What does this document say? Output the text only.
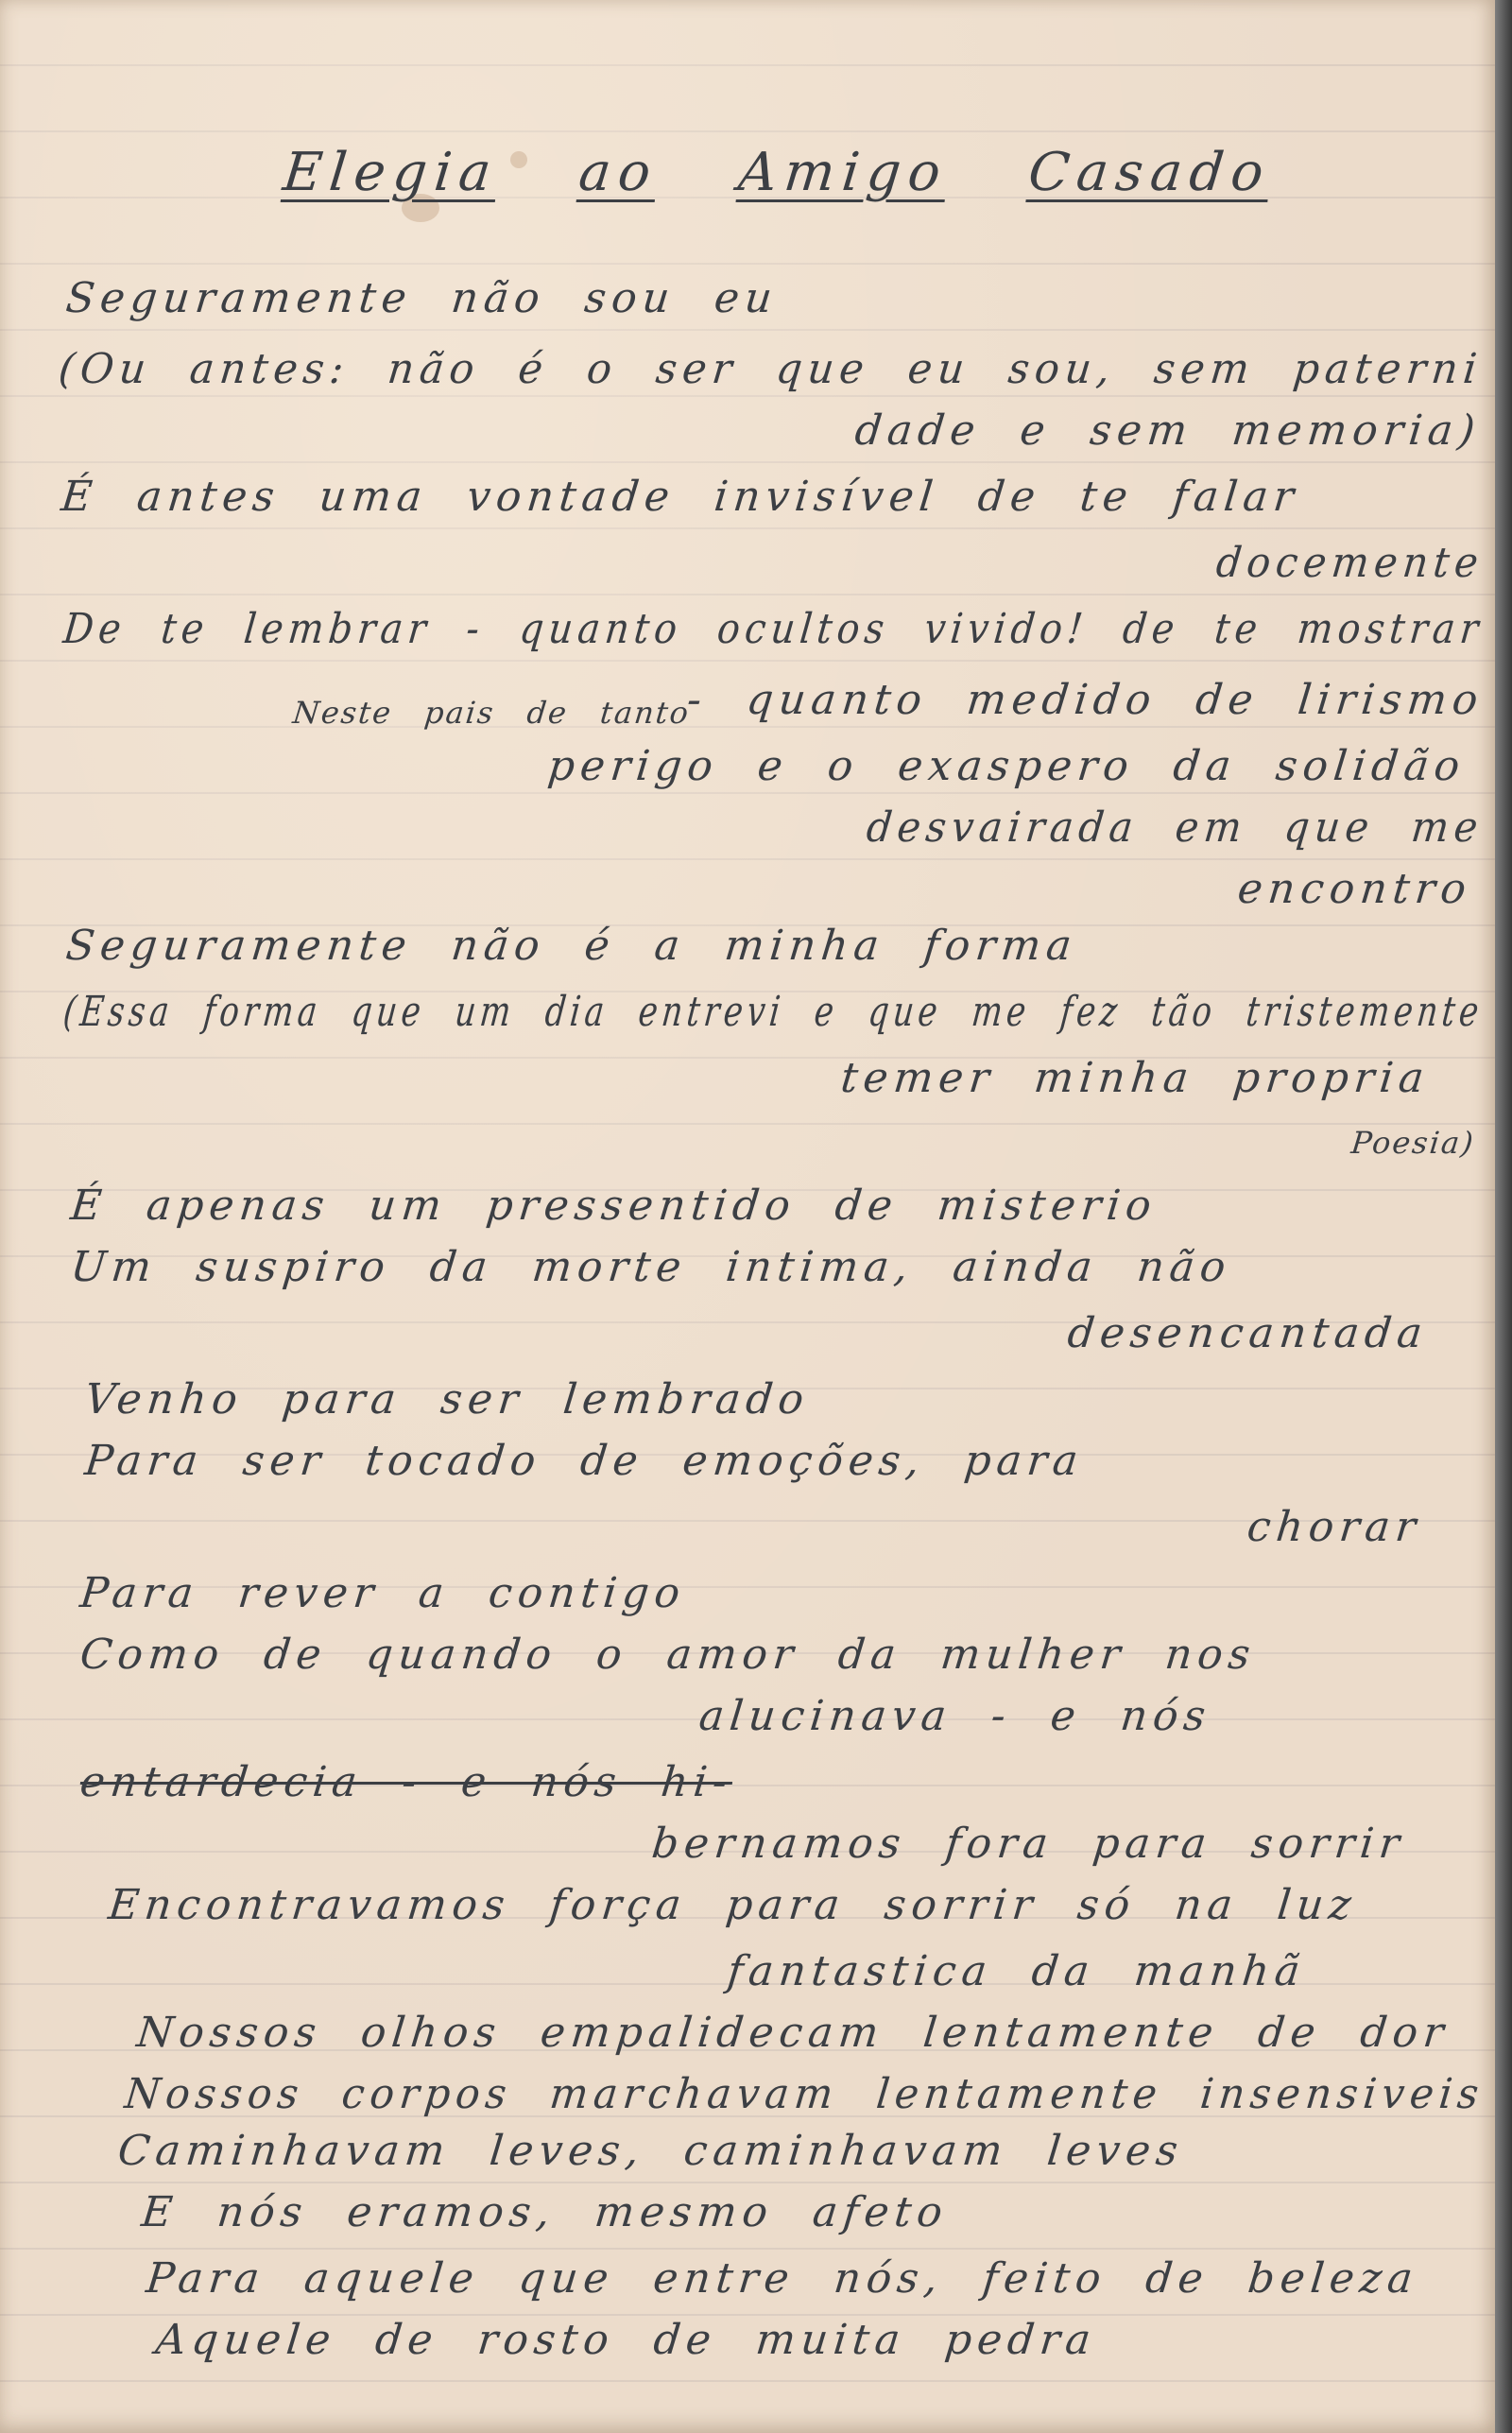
Elegia ao Amigo Casado

Seguramente não sou eu

(Ou antes: não é o ser que eu sou, sem paterni

dade e sem memoria)

É antes uma vontade invisível de te falar

docemente

De te lembrar - quanto ocultos vivido! de te mostrar

- quanto medido de lirismo

Neste pais de tanto

perigo e o exaspero da solidão

desvairada em que me

encontro

Seguramente não é a minha forma

(Essa forma que um dia entrevi e que me fez tão tristemente

temer minha propria

Poesia)

É apenas um pressentido de misterio

Um suspiro da morte intima, ainda não

desencantada

Venho para ser lembrado

Para ser tocado de emoções, para

chorar

Para rever a contigo

Como de quando o amor da mulher nos

alucinava - e nós

entardecia - e nós hi-

bernamos fora para sorrir

Encontravamos força para sorrir só na luz

fantastica da manhã

Nossos olhos empalidecam lentamente de dor

Nossos corpos marchavam lentamente insensiveis

Caminhavam leves, caminhavam leves

E nós eramos, mesmo afeto

Para aquele que entre nós, feito de beleza

Aquele de rosto de muita pedra
